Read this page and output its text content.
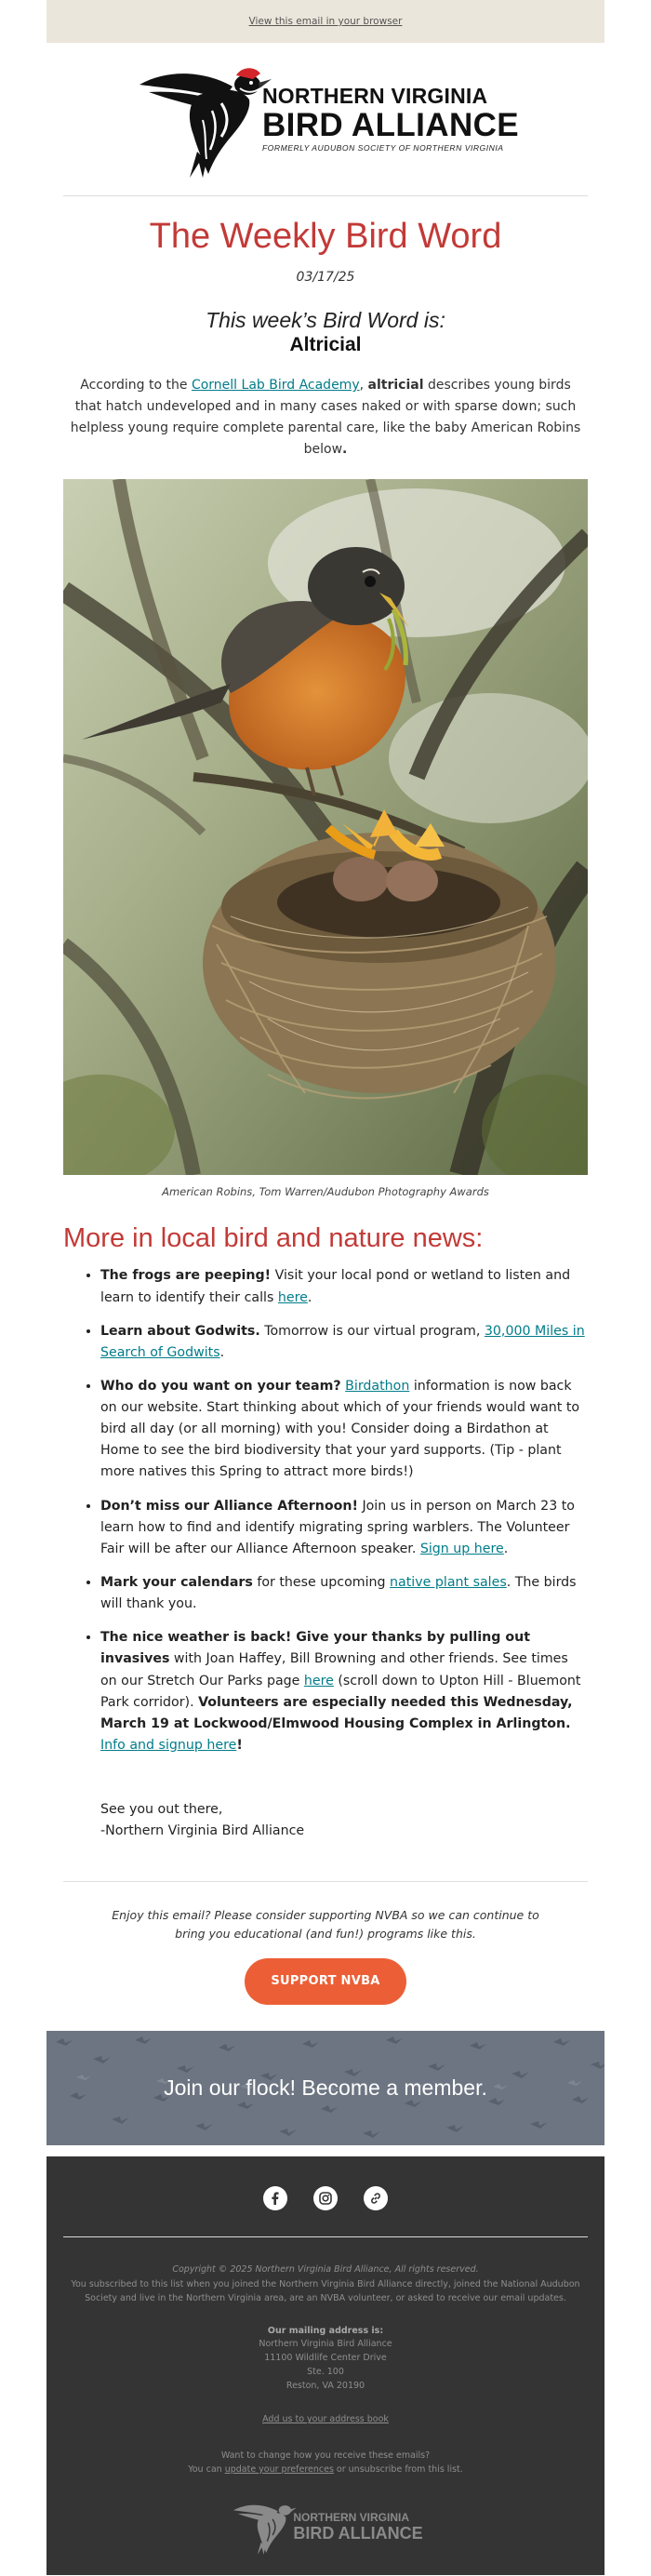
View this email in your browser
NORTHERN VIRGINIA
BIRD ALLIANCE
FORMERLY AUDUBON SOCIETY OF NORTHERN VIRGINIA
The Weekly Bird Word
03/17/25
This week’s Bird Word is:
Altricial
According to the Cornell Lab Bird Academy, altricial describes young birds that hatch undeveloped and in many cases naked or with sparse down; such helpless young require complete parental care, like the baby American Robins below.
American Robins, Tom Warren/Audubon Photography Awards
More in local bird and nature news:
• The frogs are peeping! Visit your local pond or wetland to listen and learn to identify their calls here.
• Learn about Godwits. Tomorrow is our virtual program, 30,000 Miles in Search of Godwits.
• Who do you want on your team? Birdathon information is now back on our website. Start thinking about which of your friends would want to bird all day (or all morning) with you! Consider doing a Birdathon at Home to see the bird biodiversity that your yard supports. (Tip - plant more natives this Spring to attract more birds!)
• Don’t miss our Alliance Afternoon! Join us in person on March 23 to learn how to find and identify migrating spring warblers. The Volunteer Fair will be after our Alliance Afternoon speaker. Sign up here.
• Mark your calendars for these upcoming native plant sales. The birds will thank you.
• The nice weather is back! Give your thanks by pulling out invasives with Joan Haffey, Bill Browning and other friends. See times on our Stretch Our Parks page here (scroll down to Upton Hill - Bluemont Park corridor). Volunteers are especially needed this Wednesday, March 19 at Lockwood/Elmwood Housing Complex in Arlington. Info and signup here!
See you out there,
-Northern Virginia Bird Alliance
Enjoy this email? Please consider supporting NVBA so we can continue to bring you educational (and fun!) programs like this.
SUPPORT NVBA
Join our flock! Become a member.
Copyright © 2025 Northern Virginia Bird Alliance, All rights reserved.
You subscribed to this list when you joined the Northern Virginia Bird Alliance directly, joined the National Audubon Society and live in the Northern Virginia area, are an NVBA volunteer, or asked to receive our email updates.
Our mailing address is:
Northern Virginia Bird Alliance
11100 Wildlife Center Drive
Ste. 100
Reston, VA 20190
Add us to your address book
Want to change how you receive these emails?
You can update your preferences or unsubscribe from this list.
NORTHERN VIRGINIA
BIRD ALLIANCE
